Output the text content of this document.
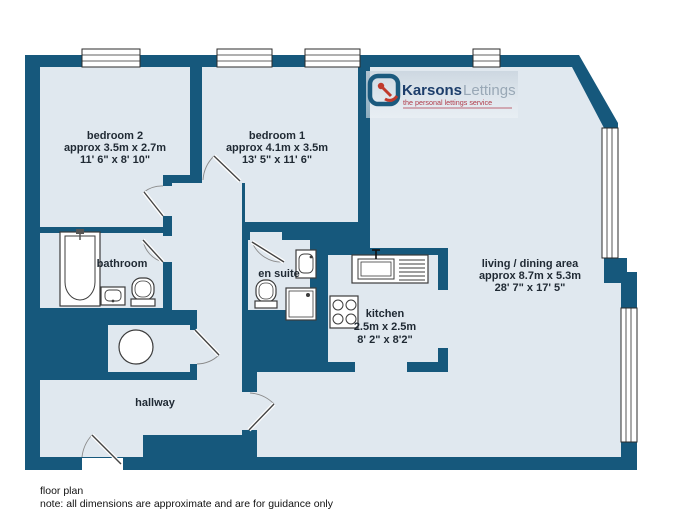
bedroom 2
approx 3.5m x 2.7m
11' 6" x 8' 10"
bedroom 1
approx 4.1m x 3.5m
13' 5" x 11' 6"
living / dining area
approx 8.7m x 5.3m
28' 7" x 17' 5"
kitchen
2.5m x 2.5m
8' 2" x 8'2"
bathroom
en suite
hallway
KarsonsLettings
the personal lettings service
floor plan
note: all dimensions are approximate and are for guidance only
